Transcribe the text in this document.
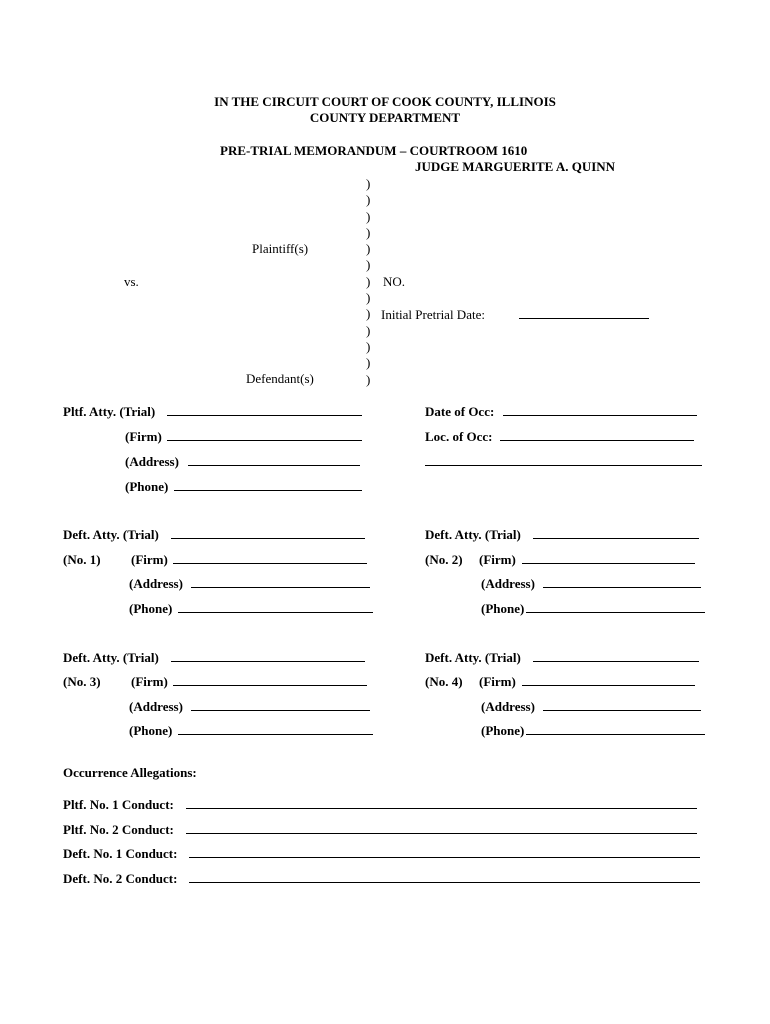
IN THE CIRCUIT COURT OF COOK COUNTY, ILLINOIS
COUNTY DEPARTMENT
PRE-TRIAL MEMORANDUM – COURTROOM 1610
JUDGE MARGUERITE A. QUINN
)
)
)
)
)
)
)
)
)
)
)
)
)
Plaintiff(s)
vs.	NO.
Initial Pretrial Date:
Defendant(s)
Pltf. Atty. (Trial)
(Firm)
(Address)
(Phone)
Date of Occ:
Loc. of Occ:
Deft. Atty. (Trial)
(No. 1) (Firm)
(Address)
(Phone)
Deft. Atty. (Trial)
(No. 2) (Firm)
(Address)
(Phone)
Deft. Atty. (Trial)
(No. 3) (Firm)
(Address)
(Phone)
Deft. Atty. (Trial)
(No. 4) (Firm)
(Address)
(Phone)
Occurrence Allegations:
Pltf. No. 1 Conduct:
Pltf. No. 2 Conduct:
Deft. No. 1 Conduct:
Deft. No. 2 Conduct:
